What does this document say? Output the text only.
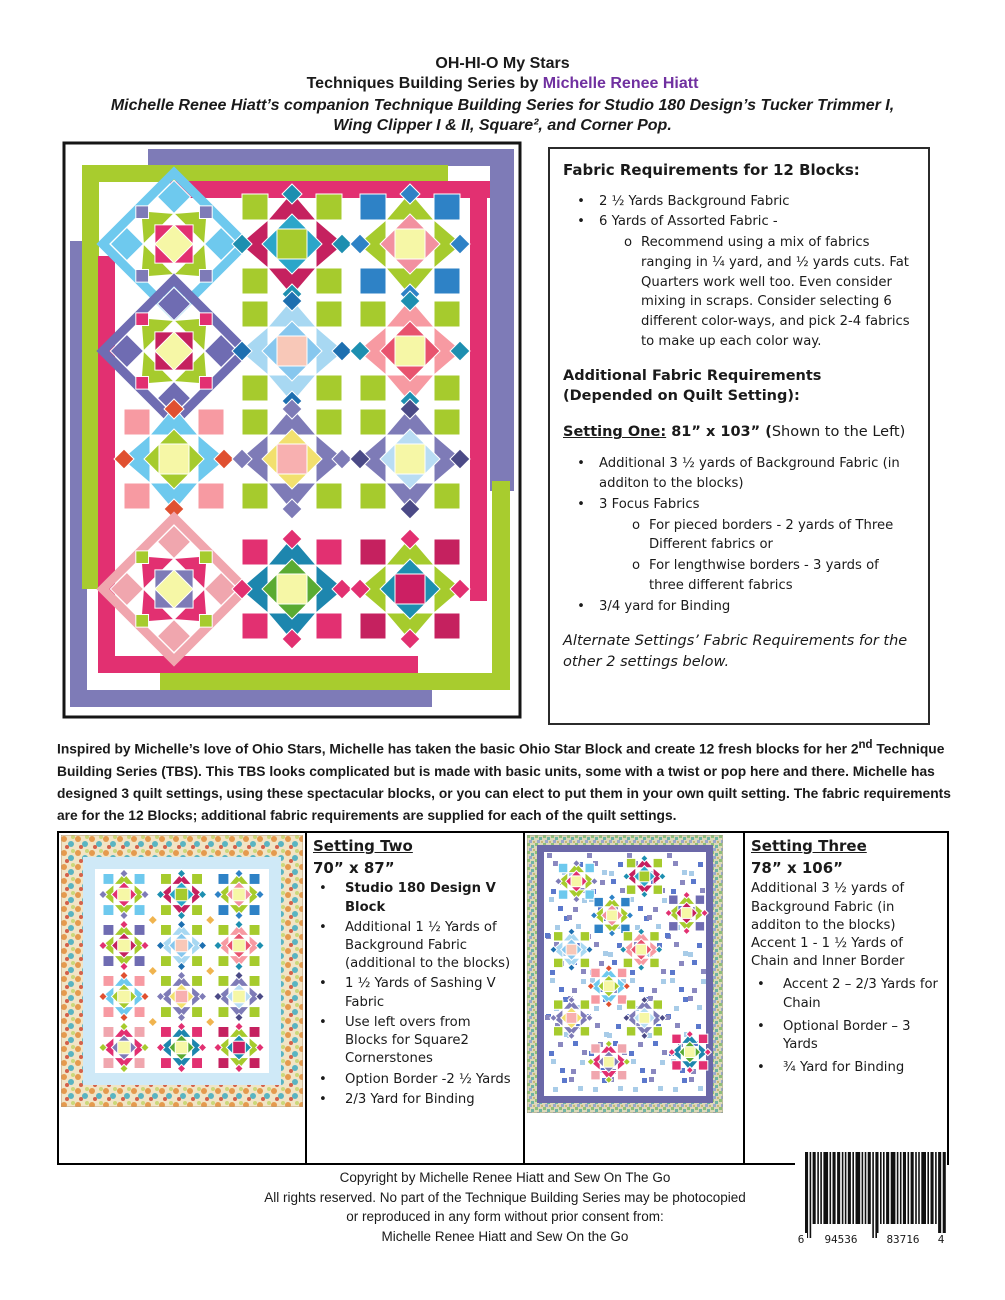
OH-HI-O My Stars
Techniques Building Series by Michelle Renee Hiatt
Michelle Renee Hiatt’s companion Technique Building Series for Studio 180 Design’s Tucker Trimmer I, Wing Clipper I & II, Square², and Corner Pop.
Fabric Requirements for 12 Blocks:
•	2 ½ Yards Background Fabric
•	6 Yards of Assorted Fabric -
o Recommend using a mix of fabrics ranging in ¼ yard, and ½ yards cuts. Fat Quarters work well too. Even consider mixing in scraps. Consider selecting 6 different color-ways, and pick 2-4 fabrics to make up each color way.
Additional Fabric Requirements (Depended on Quilt Setting):
Setting One: 81” x 103” (Shown to the Left)
•	Additional 3 ½ yards of Background Fabric (in additon to the blocks)
•	3 Focus Fabrics
o For pieced borders - 2 yards of Three Different fabrics or
o For lengthwise borders - 3 yards of three different fabrics
•	3/4 yard for Binding
Alternate Settings’ Fabric Requirements for the other 2 settings below.

Inspired by Michelle’s love of Ohio Stars, Michelle has taken the basic Ohio Star Block and create 12 fresh blocks for her 2nd Technique Building Series (TBS). This TBS looks complicated but is made with basic units, some with a twist or pop here and there. Michelle has designed 3 quilt settings, using these spectacular blocks, or you can elect to put them in your own quilt setting. The fabric requirements are for the 12 Blocks; additional fabric requirements are supplied for each of the quilt settings.

Setting Two
70” x 87”
•	Studio 180 Design V Block
•	Additional 1 ½ Yards of Background Fabric (additional to the blocks)
•	1 ½ Yards of Sashing V Fabric
•	Use left overs from Blocks for Square2 Cornerstones
•	Option Border -2 ½ Yards
•	2/3 Yard for Binding
Setting Three
78” x 106”
Additional 3 ½ yards of Background Fabric (in additon to the blocks) Accent 1 - 1 ½ Yards of Chain and Inner Border
•	Accent 2 – 2/3 Yards for Chain
•	Optional Border – 3 Yards
•	¾ Yard for Binding
Copyright by Michelle Renee Hiatt and Sew On The Go
All rights reserved. No part of the Technique Building Series may be photocopied
or reproduced in any form without prior consent from:
Michelle Renee Hiatt and Sew On the Go	6	94536	83716	4
